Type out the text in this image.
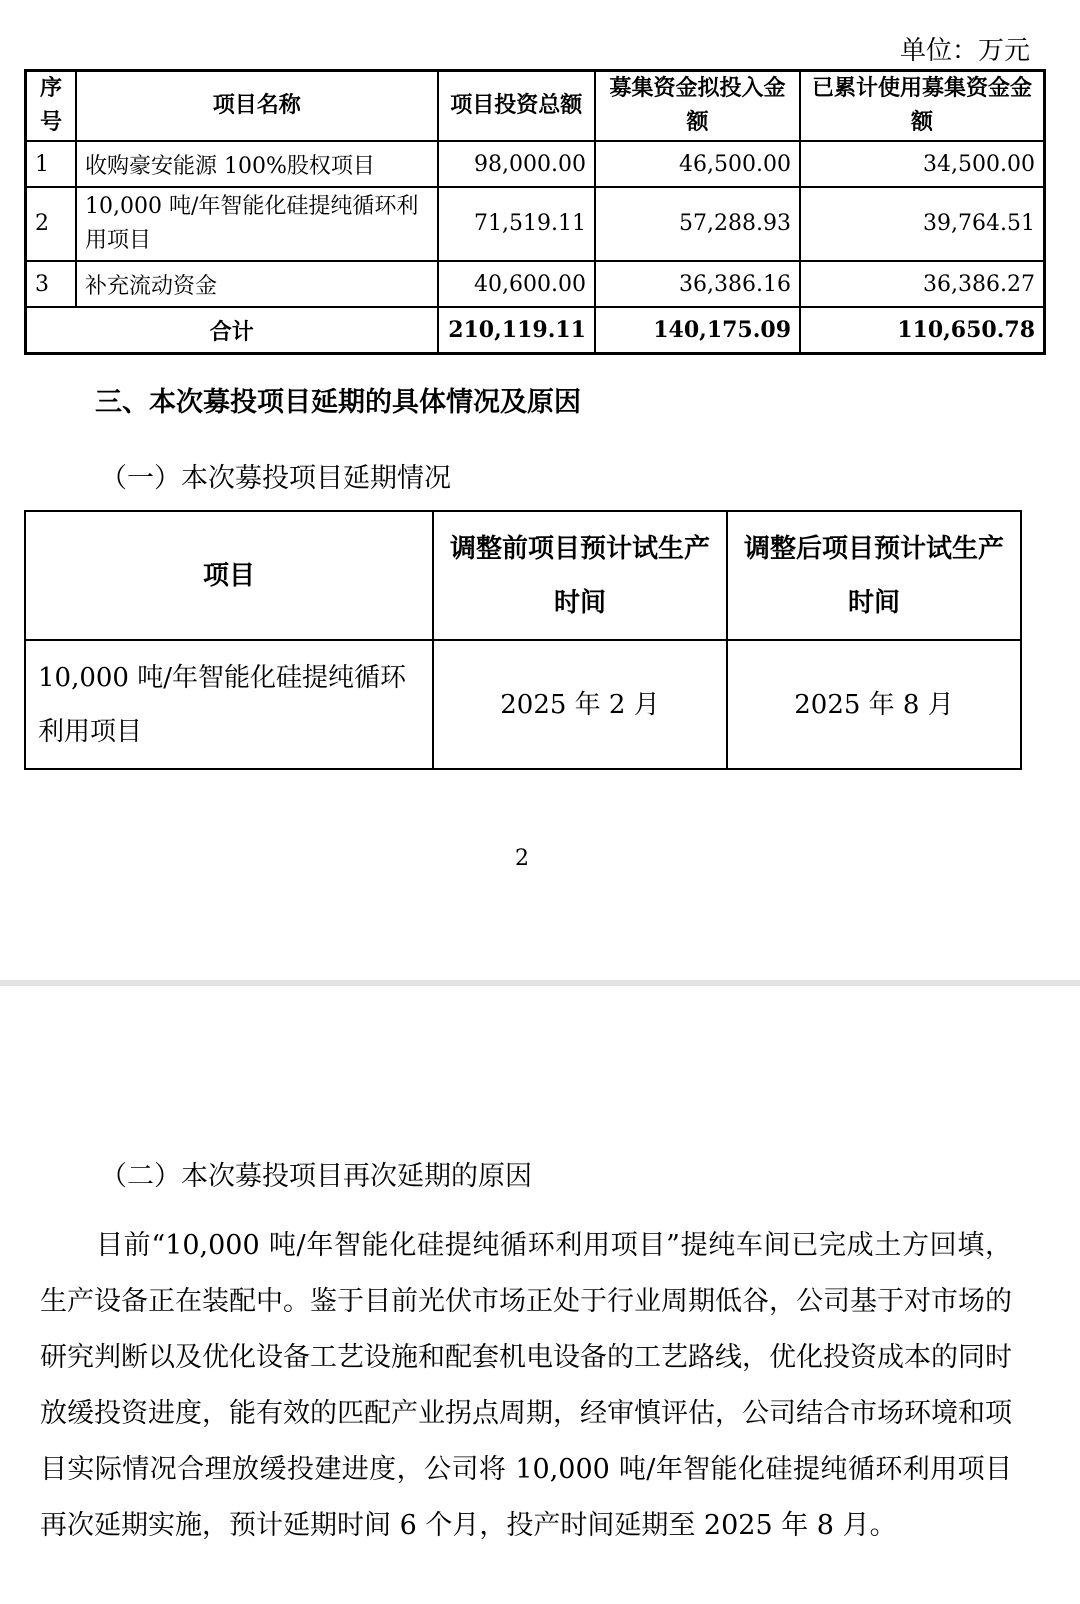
单位：万元
序号	项目名称	项目投资总额	募集资金拟投入金额	已累计使用募集资金金额
1	收购豪安能源 100%股权项目	98,000.00	46,500.00	34,500.00
2	10,000 吨/年智能化硅提纯循环利用项目	71,519.11	57,288.93	39,764.51
3	补充流动资金	40,600.00	36,386.16	36,386.27
合计		210,119.11	140,175.09	110,650.78
三、本次募投项目延期的具体情况及原因
（一）本次募投项目延期情况
项目	调整前项目预计试生产时间	调整后项目预计试生产时间
10,000 吨/年智能化硅提纯循环利用项目	2025 年 2 月	2025 年 8 月
2
（二）本次募投项目再次延期的原因
目前“10,000 吨/年智能化硅提纯循环利用项目”提纯车间已完成土方回填，生产设备正在装配中。鉴于目前光伏市场正处于行业周期低谷，公司基于对市场的研究判断以及优化设备工艺设施和配套机电设备的工艺路线，优化投资成本的同时放缓投资进度，能有效的匹配产业拐点周期，经审慎评估，公司结合市场环境和项目实际情况合理放缓投建进度，公司将 10,000 吨/年智能化硅提纯循环利用项目再次延期实施，预计延期时间 6 个月，投产时间延期至 2025 年 8 月。
